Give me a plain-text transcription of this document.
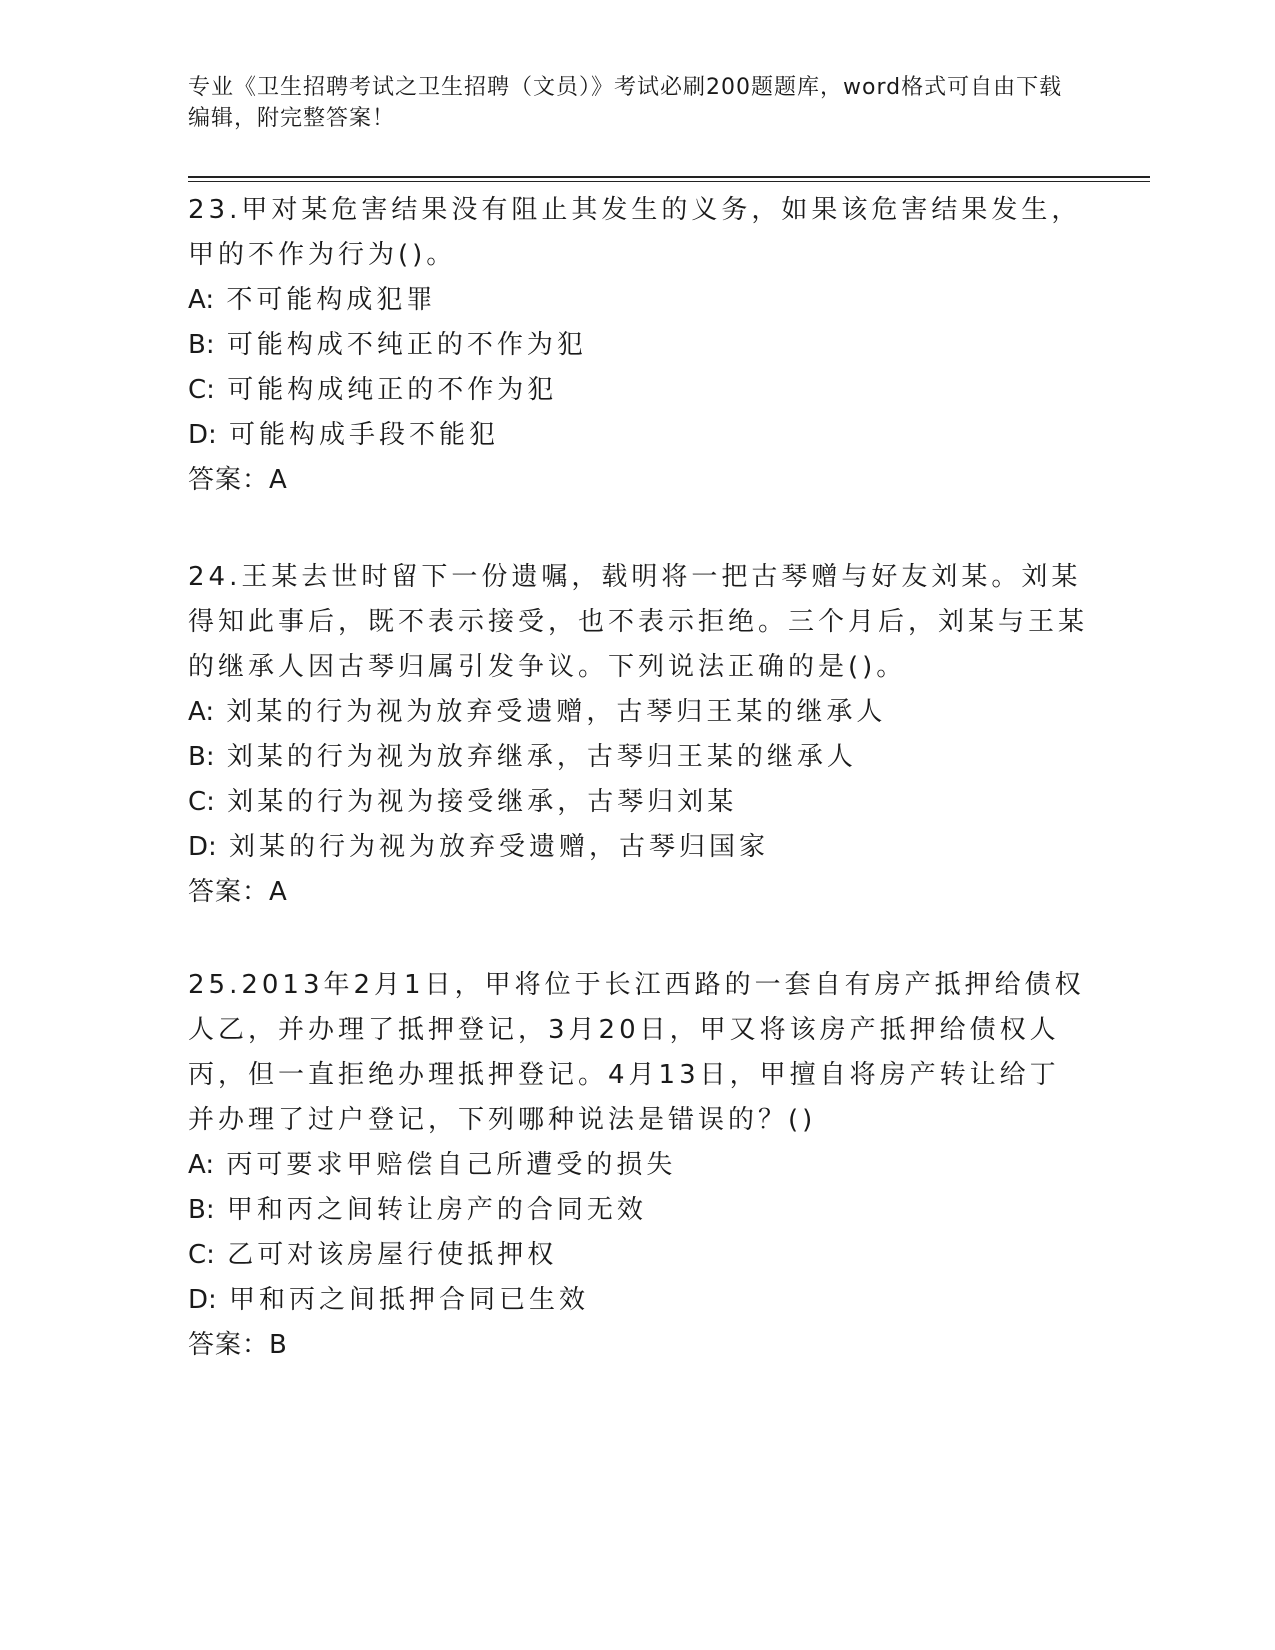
专业《卫生招聘考试之卫生招聘（文员）》考试必刷200题题库，word格式可自由下载编辑，附完整答案！
23.甲对某危害结果没有阻止其发生的义务，如果该危害结果发生，甲的不作为行为()。
A: 不可能构成犯罪
B: 可能构成不纯正的不作为犯
C: 可能构成纯正的不作为犯
D: 可能构成手段不能犯
答案：A
24.王某去世时留下一份遗嘱，载明将一把古琴赠与好友刘某。刘某得知此事后，既不表示接受，也不表示拒绝。三个月后，刘某与王某的继承人因古琴归属引发争议。下列说法正确的是()。
A: 刘某的行为视为放弃受遗赠，古琴归王某的继承人
B: 刘某的行为视为放弃继承，古琴归王某的继承人
C: 刘某的行为视为接受继承，古琴归刘某
D: 刘某的行为视为放弃受遗赠，古琴归国家
答案：A
25.2013年2月1日，甲将位于长江西路的一套自有房产抵押给债权人乙，并办理了抵押登记，3月20日，甲又将该房产抵押给债权人丙，但一直拒绝办理抵押登记。4月13日，甲擅自将房产转让给丁并办理了过户登记，下列哪种说法是错误的？()
A: 丙可要求甲赔偿自己所遭受的损失
B: 甲和丙之间转让房产的合同无效
C: 乙可对该房屋行使抵押权
D: 甲和丙之间抵押合同已生效
答案：B
